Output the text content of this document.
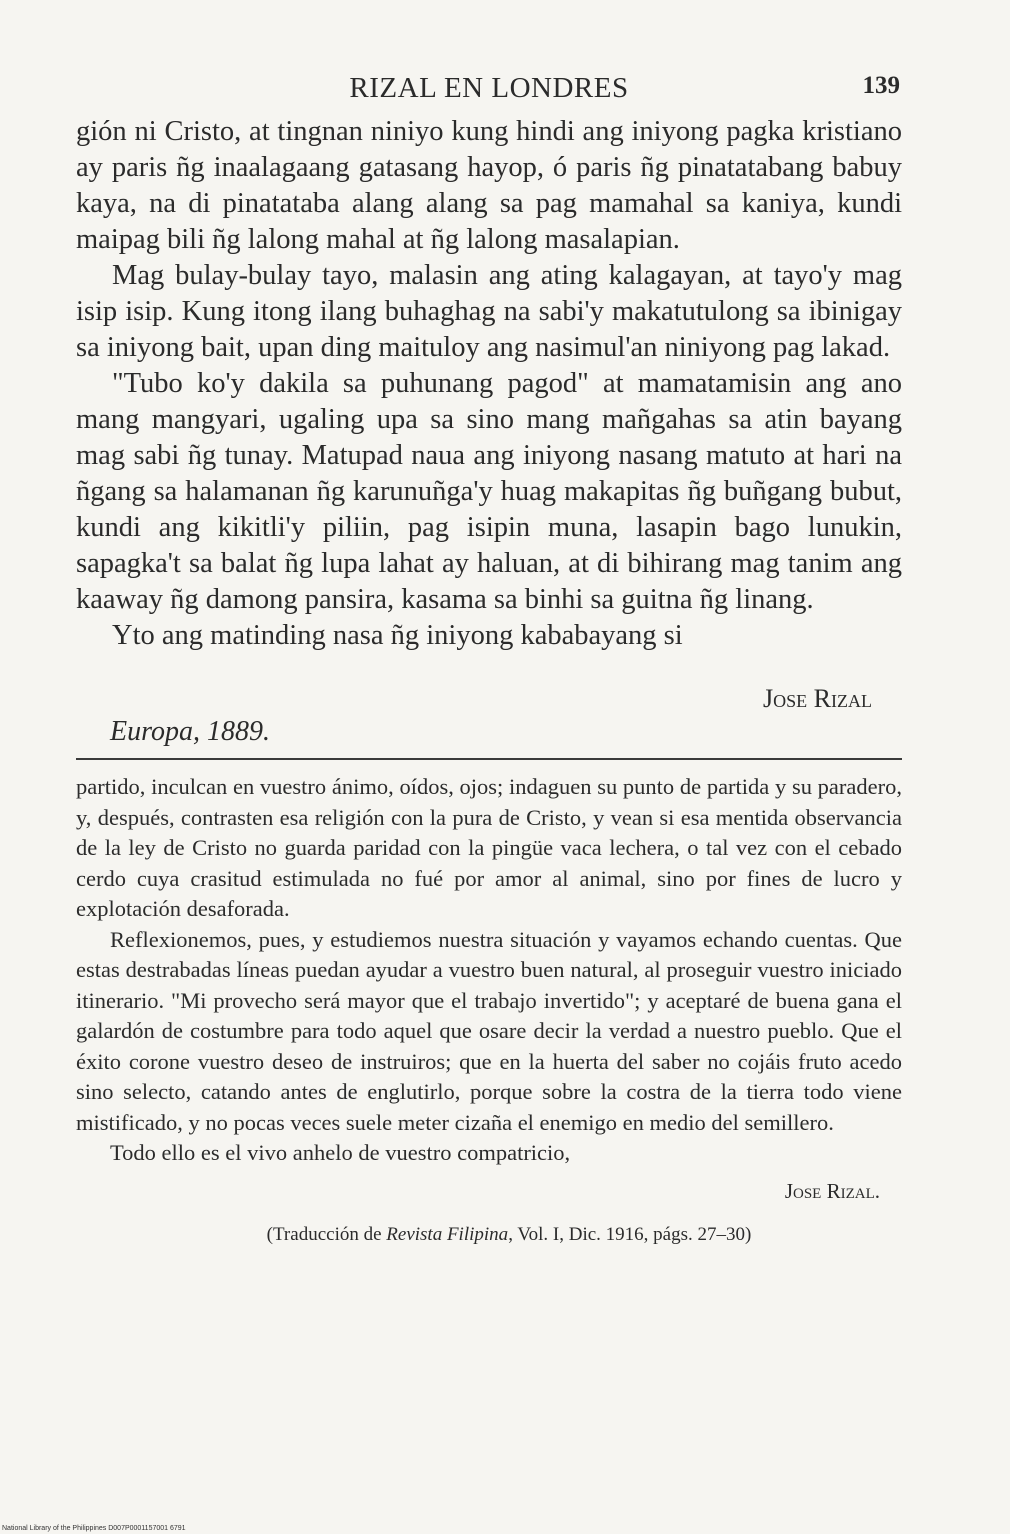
RIZAL EN LONDRES	139

gión ni Cristo, at tingnan niniyo kung hindi ang iniyong pagka kristiano ay paris ñg inaalagaang gatasang hayop, ó paris ñg pinatatabang babuy kaya, na di pinatataba alang alang sa pag mamahal sa kaniya, kundi maipag bili ñg lalong mahal at ñg lalong masalapian.

Mag bulay-bulay tayo, malasin ang ating kalagayan, at tayo'y mag isip isip. Kung itong ilang buhaghag na sabi'y makatutulong sa ibinigay sa iniyong bait, upan ding maituloy ang nasimul'an niniyong pag lakad.

"Tubo ko'y dakila sa puhunang pagod" at mamatamisin ang ano mang mangyari, ugaling upa sa sino mang mañgahas sa atin bayang mag sabi ñg tunay. Matupad naua ang iniyong nasang matuto at hari na ñgang sa halamanan ñg karunuñga'y huag makapitas ñg buñgang bubut, kundi ang kikitli'y piliin, pag isipin muna, lasapin bago lunukin, sapagka't sa balat ñg lupa lahat ay haluan, at di bihirang mag tanim ang kaaway ñg damong pansira, kasama sa binhi sa guitna ñg linang.

Yto ang matinding nasa ñg iniyong kababayang si

Jose Rizal
Europa, 1889.

partido, inculcan en vuestro ánimo, oídos, ojos; indaguen su punto de partida y su paradero, y, después, contrasten esa religión con la pura de Cristo, y vean si esa mentida observancia de la ley de Cristo no guarda paridad con la pingüe vaca lechera, o tal vez con el cebado cerdo cuya crasitud estimulada no fué por amor al animal, sino por fines de lucro y explotación desaforada.

Reflexionemos, pues, y estudiemos nuestra situación y vayamos echando cuentas. Que estas destrabadas líneas puedan ayudar a vuestro buen natural, al proseguir vuestro iniciado itinerario. "Mi provecho será mayor que el trabajo invertido"; y aceptaré de buena gana el galardón de costumbre para todo aquel que osare decir la verdad a nuestro pueblo. Que el éxito corone vuestro deseo de instruiros; que en la huerta del saber no cojáis fruto acedo sino selecto, catando antes de englutirlo, porque sobre la costra de la tierra todo viene mistificado, y no pocas veces suele meter cizaña el enemigo en medio del semillero.

Todo ello es el vivo anhelo de vuestro compatricio,

Jose Rizal.
(Traducción de Revista Filipina, Vol. I, Dic. 1916, págs. 27–30)
National Library of the Philippines D007P0001157001 6791
